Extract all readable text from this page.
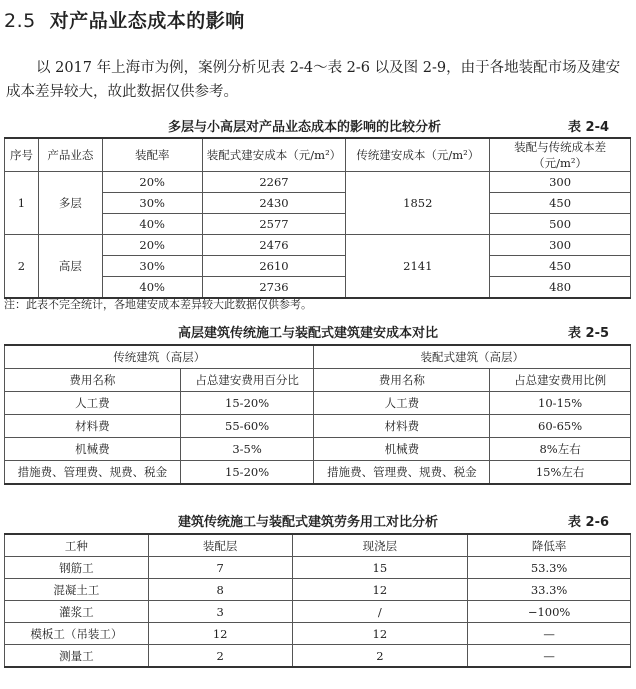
2.5 对产品业态成本的影响
以 2017 年上海市为例，案例分析见表 2-4～表 2-6 以及图 2-9，由于各地装配市场及建安成本差异较大，故此数据仅供参考。
多层与小高层对产品业态成本的影响的比较分析	表 2-4
序号	产品业态	装配率	装配式建安成本（元/m²）	传统建安成本（元/m²）	装配与传统成本差（元/m²）
1	多层	20%	2267	1852	300
		30%	2430		450
		40%	2577		500
2	高层	20%	2476	2141	300
		30%	2610		450
		40%	2736		480
注：此表不完全统计，各地建安成本差异较大此数据仅供参考。
高层建筑传统施工与装配式建筑建安成本对比	表 2-5
传统建筑（高层）		装配式建筑（高层）	
费用名称	占总建安费用百分比	费用名称	占总建安费用比例
人工费	15-20%	人工费	10-15%
材料费	55-60%	材料费	60-65%
机械费	3-5%	机械费	8%左右
措施费、管理费、规费、税金	15-20%	措施费、管理费、规费、税金	15%左右
建筑传统施工与装配式建筑劳务用工对比分析	表 2-6
工种	装配层	现浇层	降低率
钢筋工	7	15	53.3%
混凝土工	8	12	33.3%
灌浆工	3	/	−100%
模板工（吊装工）	12	12	—
测量工	2	2	—
